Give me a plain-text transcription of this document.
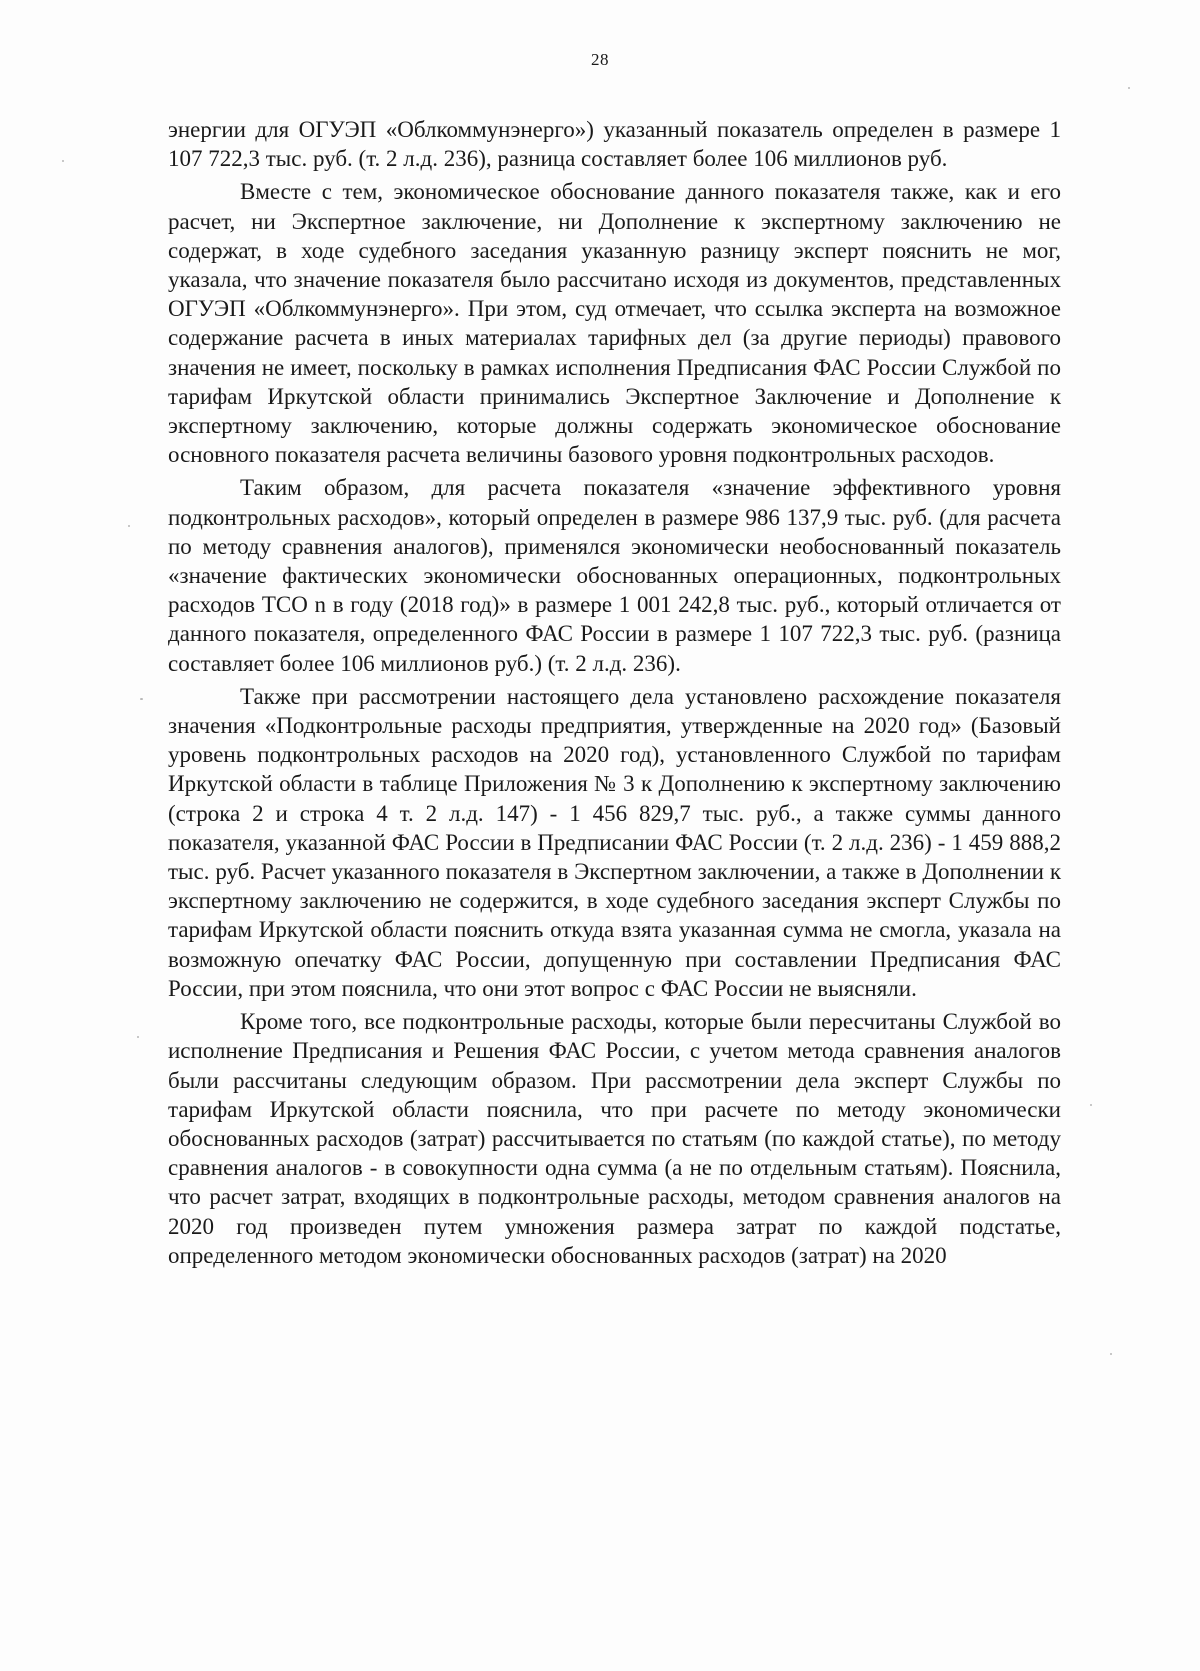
28

энергии для ОГУЭП «Облкоммунэнерго») указанный показатель определен в размере 1 107 722,3 тыс. руб. (т. 2 л.д. 236), разница составляет более 106 миллионов руб.

Вместе с тем, экономическое обоснование данного показателя также, как и его расчет, ни Экспертное заключение, ни Дополнение к экспертному заключению не содержат, в ходе судебного заседания указанную разницу эксперт пояснить не мог, указала, что значение показателя было рассчитано исходя из документов, представленных ОГУЭП «Облкоммунэнерго». При этом, суд отмечает, что ссылка эксперта на возможное содержание расчета в иных материалах тарифных дел (за другие периоды) правового значения не имеет, поскольку в рамках исполнения Предписания ФАС России Службой по тарифам Иркутской области принимались Экспертное Заключение и Дополнение к экспертному заключению, которые должны содержать экономическое обоснование основного показателя расчета величины базового уровня подконтрольных расходов.

Таким образом, для расчета показателя «значение эффективного уровня подконтрольных расходов», который определен в размере 986 137,9 тыс. руб. (для расчета по методу сравнения аналогов), применялся экономически необоснованный показатель «значение фактических экономически обоснованных операционных, подконтрольных расходов ТСО n в году (2018 год)» в размере 1 001 242,8 тыс. руб., который отличается от данного показателя, определенного ФАС России в размере 1 107 722,3 тыс. руб. (разница составляет более 106 миллионов руб.) (т. 2 л.д. 236).

Также при рассмотрении настоящего дела установлено расхождение показателя значения «Подконтрольные расходы предприятия, утвержденные на 2020 год» (Базовый уровень подконтрольных расходов на 2020 год), установленного Службой по тарифам Иркутской области в таблице Приложения № 3 к Дополнению к экспертному заключению (строка 2 и строка 4 т. 2 л.д. 147) - 1 456 829,7 тыс. руб., а также суммы данного показателя, указанной ФАС России в Предписании ФАС России (т. 2 л.д. 236) - 1 459 888,2 тыс. руб. Расчет указанного показателя в Экспертном заключении, а также в Дополнении к экспертному заключению не содержится, в ходе судебного заседания эксперт Службы по тарифам Иркутской области пояснить откуда взята указанная сумма не смогла, указала на возможную опечатку ФАС России, допущенную при составлении Предписания ФАС России, при этом пояснила, что они этот вопрос с ФАС России не выясняли.

Кроме того, все подконтрольные расходы, которые были пересчитаны Службой во исполнение Предписания и Решения ФАС России, с учетом метода сравнения аналогов были рассчитаны следующим образом. При рассмотрении дела эксперт Службы по тарифам Иркутской области пояснила, что при расчете по методу экономически обоснованных расходов (затрат) рассчитывается по статьям (по каждой статье), по методу сравнения аналогов - в совокупности одна сумма (а не по отдельным статьям). Пояснила, что расчет затрат, входящих в подконтрольные расходы, методом сравнения аналогов на 2020 год произведен путем умножения размера затрат по каждой подстатье, определенного методом экономически обоснованных расходов (затрат) на 2020
